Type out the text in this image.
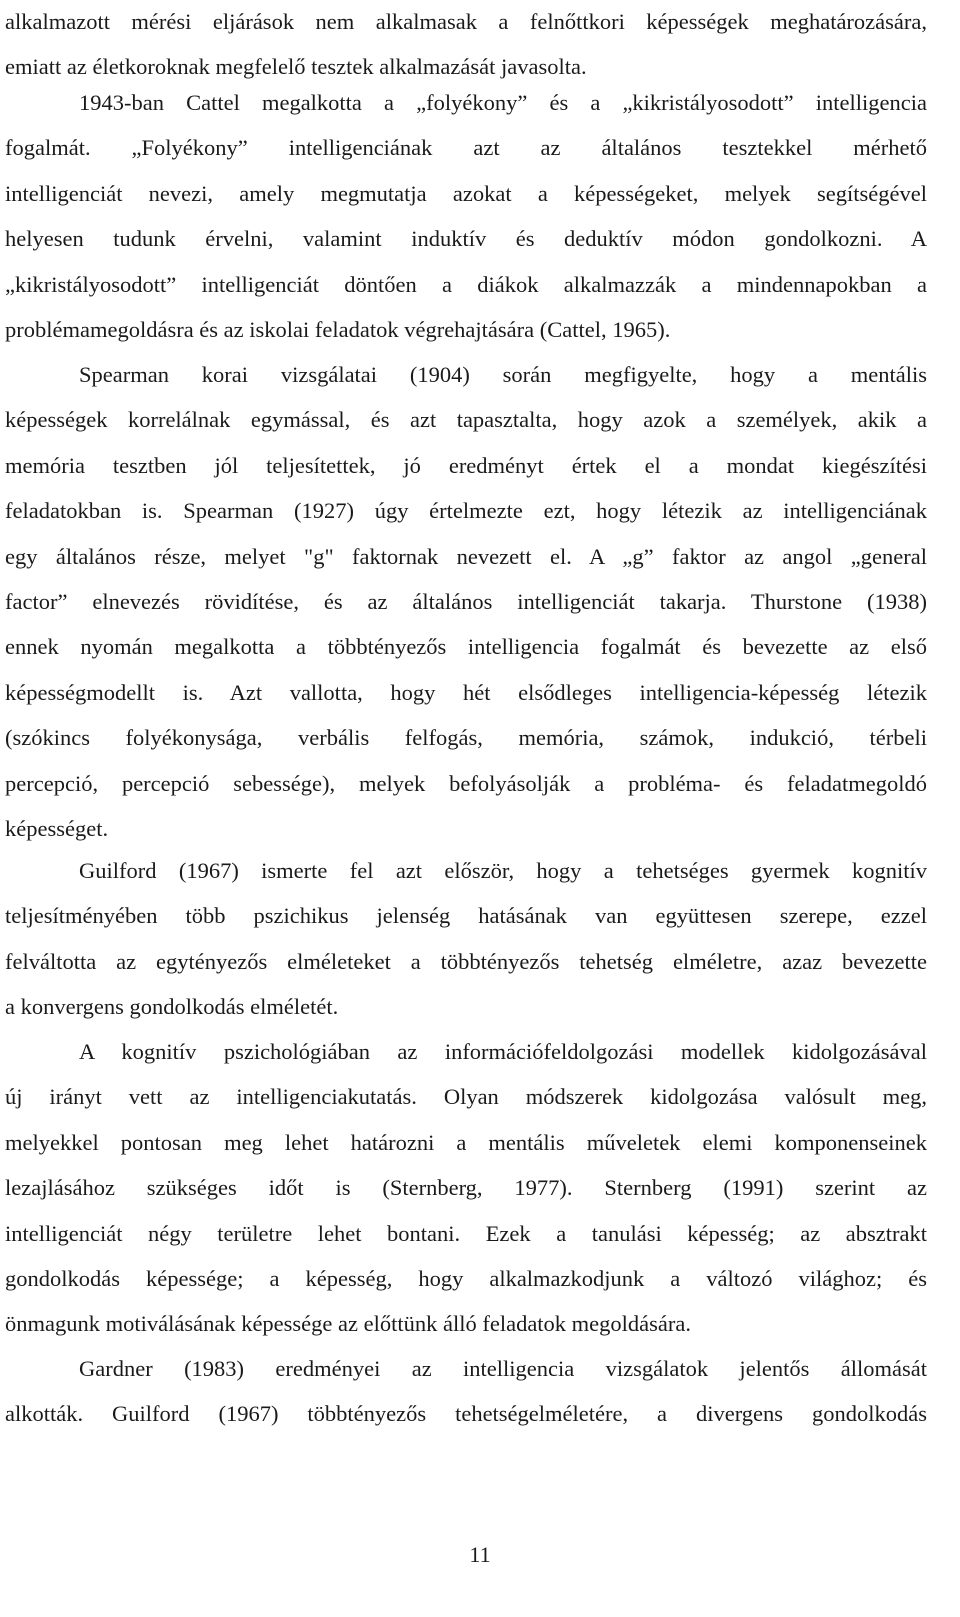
alkalmazott mérési eljárások nem alkalmasak a felnőttkori képességek meghatározására,
emiatt az életkoroknak megfelelő tesztek alkalmazását javasolta.
1943-ban Cattel megalkotta a „folyékony” és a „kikristályosodott” intelligencia
fogalmát. „Folyékony” intelligenciának azt az általános tesztekkel mérhető
intelligenciát nevezi, amely megmutatja azokat a képességeket, melyek segítségével
helyesen tudunk érvelni, valamint induktív és deduktív módon gondolkozni. A
„kikristályosodott” intelligenciát döntően a diákok alkalmazzák a mindennapokban a
problémamegoldásra és az iskolai feladatok végrehajtására (Cattel, 1965).
Spearman korai vizsgálatai (1904) során megfigyelte, hogy a mentális
képességek korrelálnak egymással, és azt tapasztalta, hogy azok a személyek, akik a
memória tesztben jól teljesítettek, jó eredményt értek el a mondat kiegészítési
feladatokban is. Spearman (1927) úgy értelmezte ezt, hogy létezik az intelligenciának
egy általános része, melyet "g" faktornak nevezett el. A „g” faktor az angol „general
factor” elnevezés rövidítése, és az általános intelligenciát takarja. Thurstone (1938)
ennek nyomán megalkotta a többtényezős intelligencia fogalmát és bevezette az első
képességmodellt is. Azt vallotta, hogy hét elsődleges intelligencia-képesség létezik
(szókincs folyékonysága, verbális felfogás, memória, számok, indukció, térbeli
percepció, percepció sebessége), melyek befolyásolják a probléma- és feladatmegoldó
képességet.
Guilford (1967) ismerte fel azt először, hogy a tehetséges gyermek kognitív
teljesítményében több pszichikus jelenség hatásának van együttesen szerepe, ezzel
felváltotta az egytényezős elméleteket a többtényezős tehetség elméletre, azaz bevezette
a konvergens gondolkodás elméletét.
A kognitív pszichológiában az információfeldolgozási modellek kidolgozásával
új irányt vett az intelligenciakutatás. Olyan módszerek kidolgozása valósult meg,
melyekkel pontosan meg lehet határozni a mentális műveletek elemi komponenseinek
lezajlásához szükséges időt is (Sternberg, 1977). Sternberg (1991) szerint az
intelligenciát négy területre lehet bontani. Ezek a tanulási képesség; az absztrakt
gondolkodás képessége; a képesség, hogy alkalmazkodjunk a változó világhoz; és
önmagunk motiválásának képessége az előttünk álló feladatok megoldására.
Gardner (1983) eredményei az intelligencia vizsgálatok jelentős állomását
alkották. Guilford (1967) többtényezős tehetségelméletére, a divergens gondolkodás
11
